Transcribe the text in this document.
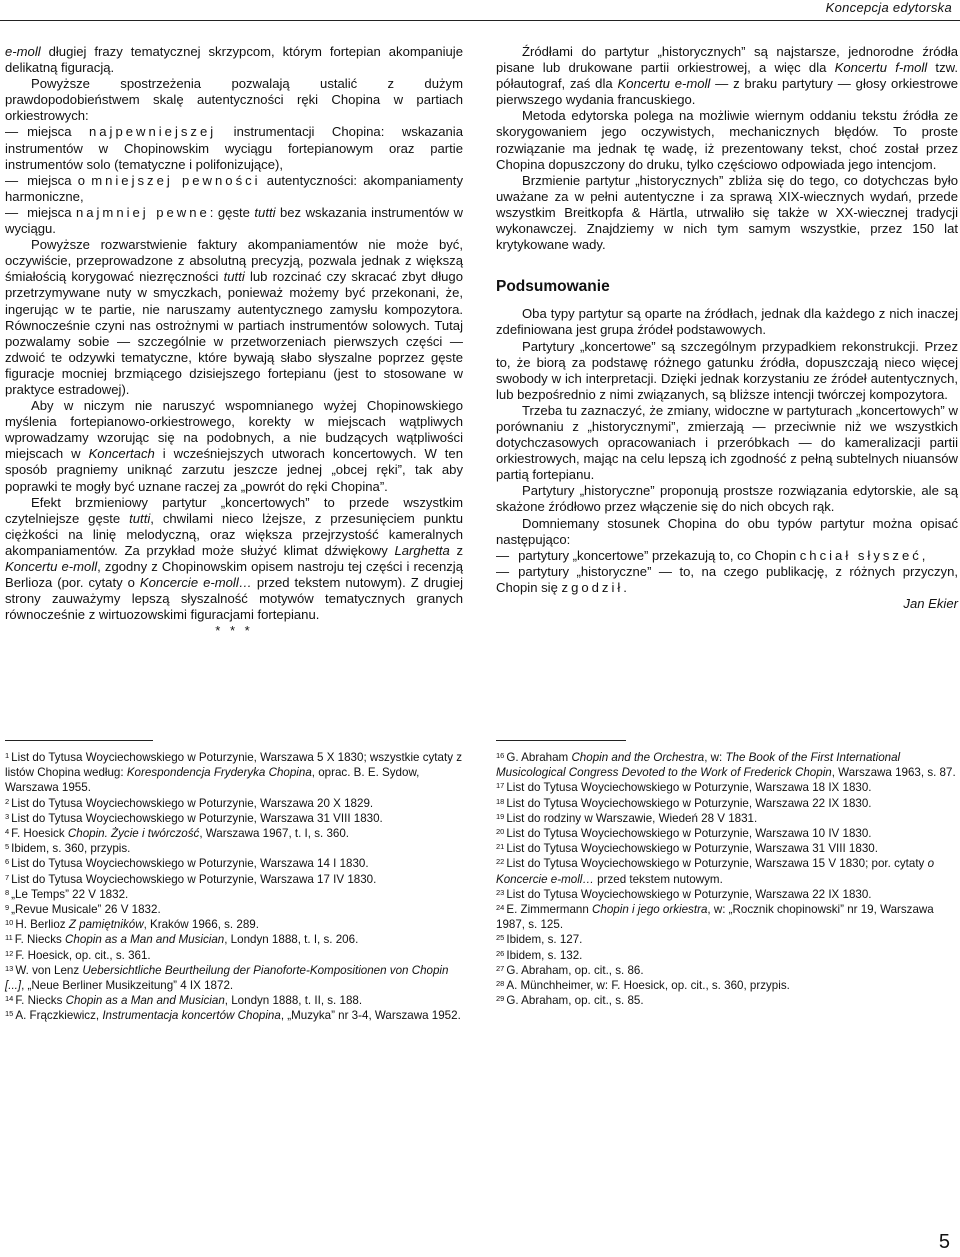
Koncepcja edytorska

e-moll długiej frazy tematycznej skrzypcom, którym fortepian akompaniuje delikatną figuracją.

Powyższe spostrzeżenia pozwalają ustalić z dużym prawdopodobieństwem skalę autentyczności ręki Chopina w partiach orkiestrowych:

— miejsca najpewniejszej instrumentacji Chopina: wskazania instrumentów w Chopinowskim wyciągu fortepianowym oraz partie instrumentów solo (tematyczne i polifonizujące),

— miejsca o mniejszej pewności autentyczności: akompaniamenty harmoniczne,

— miejsca najmniej pewne: gęste tutti bez wskazania instrumentów w wyciągu.

Powyższe rozwarstwienie faktury akompaniamentów nie może być, oczywiście, przeprowadzone z absolutną precyzją, pozwala jednak z większą śmiałością korygować niezręczności tutti lub rozcinać czy skracać zbyt długo przetrzymywane nuty w smyczkach, ponieważ możemy być przekonani, że, ingerując w te partie, nie naruszamy autentycznego zamysłu kompozytora. Równocześnie czyni nas ostrożnymi w partiach instrumentów solowych. Tutaj pozwalamy sobie — szczególnie w przetworzeniach pierwszych części — zdwoić te odzywki tematyczne, które bywają słabo słyszalne poprzez gęste figuracje mocniej brzmiącego dzisiejszego fortepianu (jest to stosowane w praktyce estradowej).

Aby w niczym nie naruszyć wspomnianego wyżej Chopinowskiego myślenia fortepianowo-orkiestrowego, korekty w miejscach wątpliwych wprowadzamy wzorując się na podobnych, a nie budzących wątpliwości miejscach w Koncertach i wcześniejszych utworach koncertowych. W ten sposób pragniemy uniknąć zarzutu jeszcze jednej „obcej ręki”, tak aby poprawki te mogły być uznane raczej za „powrót do ręki Chopina”.

Efekt brzmieniowy partytur „koncertowych” to przede wszystkim czytelniejsze gęste tutti, chwilami nieco lżejsze, z przesunięciem punktu ciężkości na linię melodyczną, oraz większa przejrzystość kameralnych akompaniamentów. Za przykład może służyć klimat dźwiękowy Larghetta z Koncertu e-moll, zgodny z Chopinowskim opisem nastroju tej części i recenzją Berlioza (por. cytaty o Koncercie e-moll… przed tekstem nutowym). Z drugiej strony zauważymy lepszą słyszalność motywów tematycznych granych równocześnie z wirtuozowskimi figuracjami fortepianu.

* * *

Źródłami do partytur „historycznych” są najstarsze, jednorodne źródła pisane lub drukowane partii orkiestrowej, a więc dla Koncertu f-moll tzw. półautograf, zaś dla Koncertu e-moll — z braku partytury — głosy orkiestrowe pierwszego wydania francuskiego.

Metoda edytorska polega na możliwie wiernym oddaniu tekstu źródła ze skorygowaniem jego oczywistych, mechanicznych błędów. To proste rozwiązanie ma jednak tę wadę, iż prezentowany tekst, choć został przez Chopina dopuszczony do druku, tylko częściowo odpowiada jego intencjom.

Brzmienie partytur „historycznych” zbliża się do tego, co dotychczas było uważane za w pełni autentyczne i za sprawą XIX-wiecznych wydań, przede wszystkim Breitkopfa & Härtla, utrwaliło się także w XX-wiecznej tradycji wykonawczej. Znajdziemy w nich tym samym wszystkie, przez 150 lat krytykowane wady.

Podsumowanie

Oba typy partytur są oparte na źródłach, jednak dla każdego z nich inaczej zdefiniowana jest grupa źródeł podstawowych.

Partytury „koncertowe” są szczególnym przypadkiem rekonstrukcji. Przez to, że biorą za podstawę różnego gatunku źródła, dopuszczają nieco więcej swobody w ich interpretacji. Dzięki jednak korzystaniu ze źródeł autentycznych, lub bezpośrednio z nimi związanych, są bliższe intencji twórczej kompozytora.

Trzeba tu zaznaczyć, że zmiany, widoczne w partyturach „koncertowych” w porównaniu z „historycznymi”, zmierzają — przeciwnie niż we wszystkich dotychczasowych opracowaniach i przeróbkach — do kameralizacji partii orkiestrowych, mając na celu lepszą ich zgodność z pełną subtelnych niuansów partią fortepianu.

Partytury „historyczne” proponują prostsze rozwiązania edytorskie, ale są skażone źródłowo przez włączenie się do nich obcych rąk.

Domniemany stosunek Chopina do obu typów partytur można opisać następująco:

— partytury „koncertowe” przekazują to, co Chopin chciał słyszeć,

— partytury „historyczne” — to, na czego publikację, z różnych przyczyn, Chopin się zgodził.

Jan Ekier

$^1$ List do Tytusa Woyciechowskiego w Poturzynie, Warszawa 5 X 1830; wszystkie cytaty z listów Chopina według: Korespondencja Fryderyka Chopina, oprac. B. E. Sydow, Warszawa 1955.

$^2$ List do Tytusa Woyciechowskiego w Poturzynie, Warszawa 20 X 1829.

$^3$ List do Tytusa Woyciechowskiego w Poturzynie, Warszawa 31 VIII 1830.

$^4$ F. Hoesick Chopin. Życie i twórczość, Warszawa 1967, t. I, s. 360.

$^5$ Ibidem, s. 360, przypis.

$^6$ List do Tytusa Woyciechowskiego w Poturzynie, Warszawa 14 I 1830.

$^7$ List do Tytusa Woyciechowskiego w Poturzynie, Warszawa 17 IV 1830.

$^8$ „Le Temps” 22 V 1832.

$^9$ „Revue Musicale” 26 V 1832.

$^{10}$ H. Berlioz Z pamiętników, Kraków 1966, s. 289.

$^{11}$ F. Niecks Chopin as a Man and Musician, Londyn 1888, t. I, s. 206.

$^{12}$ F. Hoesick, op. cit., s. 361.

$^{13}$ W. von Lenz Uebersichtliche Beurtheilung der Pianoforte-Kompositionen von Chopin [...], „Neue Berliner Musikzeitung” 4 IX 1872.

$^{14}$ F. Niecks Chopin as a Man and Musician, Londyn 1888, t. II, s. 188.

$^{15}$ A. Frączkiewicz, Instrumentacja koncertów Chopina, „Muzyka” nr 3-4, Warszawa 1952.

$^{16}$ G. Abraham Chopin and the Orchestra, w: The Book of the First International Musicological Congress Devoted to the Work of Frederick Chopin, Warszawa 1963, s. 87.

$^{17}$ List do Tytusa Woyciechowskiego w Poturzynie, Warszawa 18 IX 1830.

$^{18}$ List do Tytusa Woyciechowskiego w Poturzynie, Warszawa 22 IX 1830.

$^{19}$ List do rodziny w Warszawie, Wiedeń 28 V 1831.

$^{20}$ List do Tytusa Woyciechowskiego w Poturzynie, Warszawa 10 IV 1830.

$^{21}$ List do Tytusa Woyciechowskiego w Poturzynie, Warszawa 31 VIII 1830.

$^{22}$ List do Tytusa Woyciechowskiego w Poturzynie, Warszawa 15 V 1830; por. cytaty o Koncercie e-moll… przed tekstem nutowym.

$^{23}$ List do Tytusa Woyciechowskiego w Poturzynie, Warszawa 22 IX 1830.

$^{24}$ E. Zimmermann Chopin i jego orkiestra, w: „Rocznik chopinowski” nr 19, Warszawa 1987, s. 125.

$^{25}$ Ibidem, s. 127.

$^{26}$ Ibidem, s. 132.

$^{27}$ G. Abraham, op. cit., s. 86.

$^{28}$ A. Münchheimer, w: F. Hoesick, op. cit., s. 360, przypis.

$^{29}$ G. Abraham, op. cit., s. 85.

5
